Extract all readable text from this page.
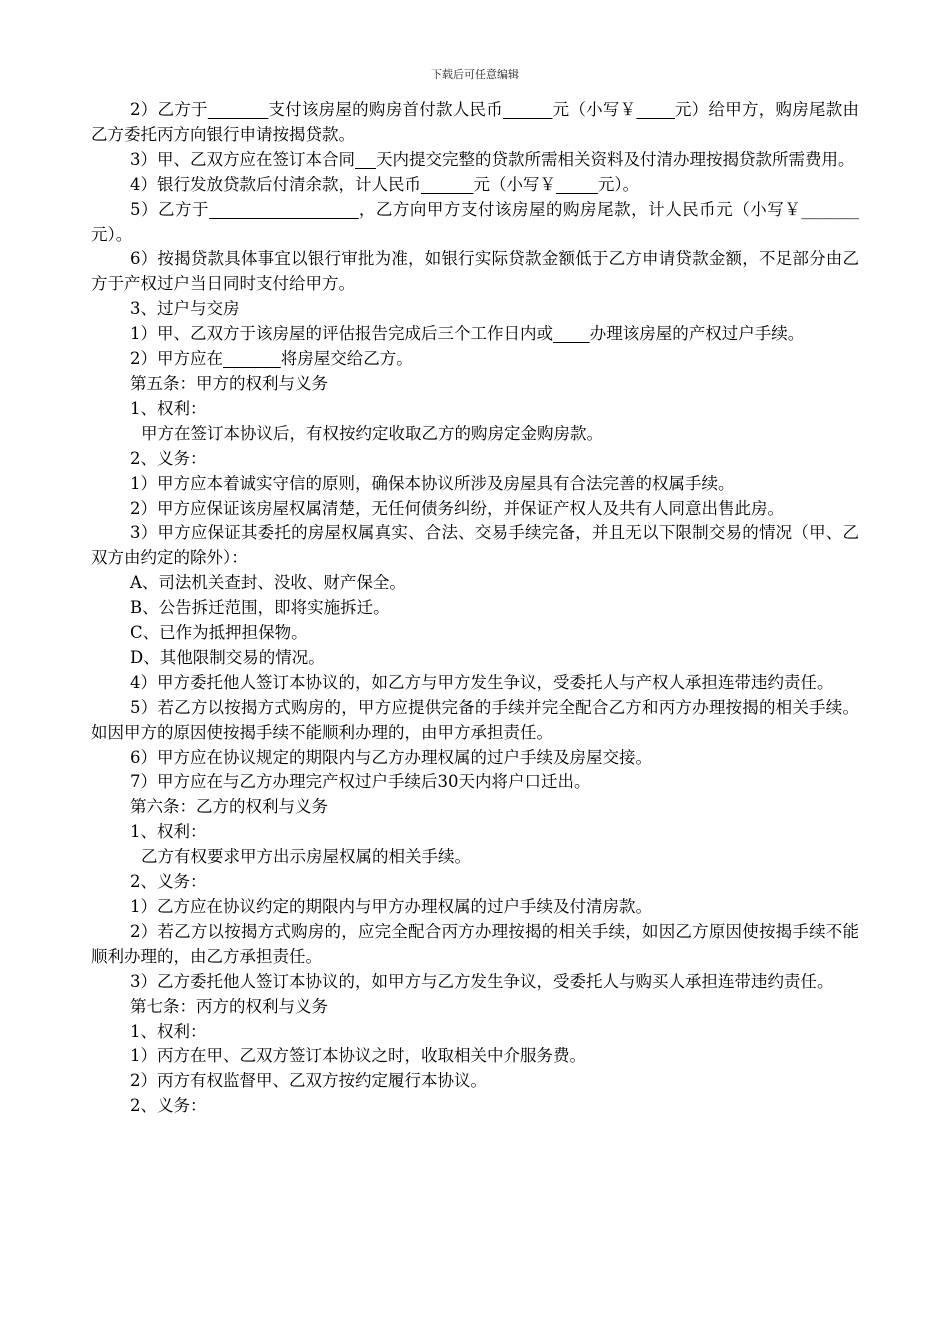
下载后可任意编辑

2）乙方于	支付该房屋的购房首付款人民币	元（小写￥ 元）给甲方，购房尾款由乙方委托丙方向银行申请按揭贷款。

3）甲、乙双方应在签订本合同 天内提交完整的贷款所需相关资料及付清办理按揭贷款所需费用。

4）银行发放贷款后付清余款，计人民币	元（小写￥	元）。

5）乙方于	，乙方向甲方支付该房屋的购房尾款，计人民币元（小写￥_______元）。

6）按揭贷款具体事宜以银行审批为准，如银行实际贷款金额低于乙方申请贷款金额，不足部分由乙方于产权过户当日同时支付给甲方。

3、过户与交房

1）甲、乙双方于该房屋的评估报告完成后三个工作日内或 办理该房屋的产权过户手续。

2）甲方应在	将房屋交给乙方。

第五条：甲方的权利与义务

1、权利：

甲方在签订本协议后，有权按约定收取乙方的购房定金购房款。

2、义务：

1）甲方应本着诚实守信的原则，确保本协议所涉及房屋具有合法完善的权属手续。

2）甲方应保证该房屋权属清楚，无任何债务纠纷，并保证产权人及共有人同意出售此房。

3）甲方应保证其委托的房屋权属真实、合法、交易手续完备，并且无以下限制交易的情况（甲、乙双方由约定的除外）：

A、司法机关查封、没收、财产保全。

B、公告拆迁范围，即将实施拆迁。

C、已作为抵押担保物。

D、其他限制交易的情况。

4）甲方委托他人签订本协议的，如乙方与甲方发生争议，受委托人与产权人承担连带违约责任。

5）若乙方以按揭方式购房的，甲方应提供完备的手续并完全配合乙方和丙方办理按揭的相关手续。如因甲方的原因使按揭手续不能顺利办理的，由甲方承担责任。

6）甲方应在协议规定的期限内与乙方办理权属的过户手续及房屋交接。

7）甲方应在与乙方办理完产权过户手续后30天内将户口迁出。

第六条：乙方的权利与义务

1、权利：

乙方有权要求甲方出示房屋权属的相关手续。

2、义务：

1）乙方应在协议约定的期限内与甲方办理权属的过户手续及付清房款。

2）若乙方以按揭方式购房的，应完全配合丙方办理按揭的相关手续，如因乙方原因使按揭手续不能顺利办理的，由乙方承担责任。

3）乙方委托他人签订本协议的，如甲方与乙方发生争议，受委托人与购买人承担连带违约责任。

第七条：丙方的权利与义务

1、权利：

1）丙方在甲、乙双方签订本协议之时，收取相关中介服务费。

2）丙方有权监督甲、乙双方按约定履行本协议。

2、义务：
